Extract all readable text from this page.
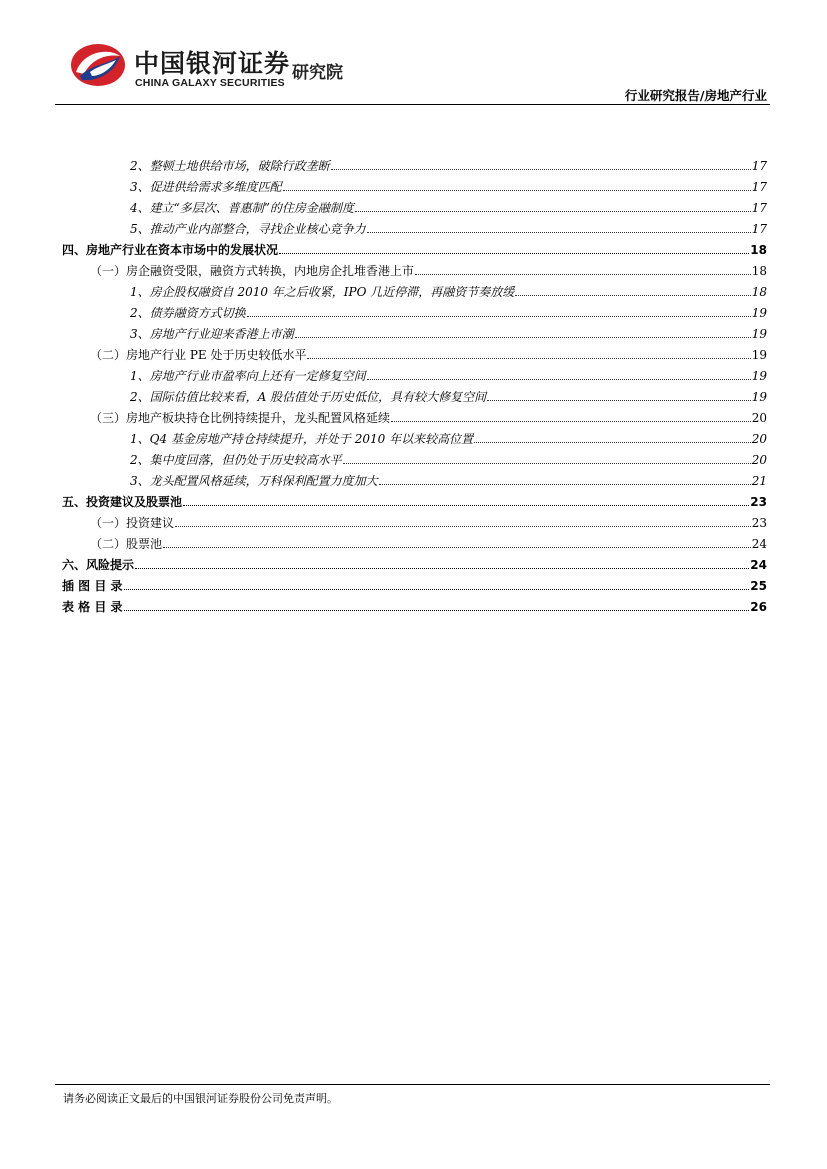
中国银河证券
CHINA GALAXY SECURITIES 研究院
行业研究报告/房地产行业
2、整顿土地供给市场，破除行政垄断	17
3、促进供给需求多维度匹配	17
4、建立“多层次、普惠制”的住房金融制度	17
5、推动产业内部整合，寻找企业核心竞争力	17
四、房地产行业在资本市场中的发展状况	18
（一）房企融资受限，融资方式转换，内地房企扎堆香港上市	18
1、房企股权融资自 2010 年之后收紧，IPO 几近停滞，再融资节奏放缓	18
2、债券融资方式切换	19
3、房地产行业迎来香港上市潮	19
（二）房地产行业 PE 处于历史较低水平	19
1、房地产行业市盈率向上还有一定修复空间	19
2、国际估值比较来看，A 股估值处于历史低位，具有较大修复空间	19
（三）房地产板块持仓比例持续提升，龙头配置风格延续	20
1、Q4 基金房地产持仓持续提升，并处于 2010 年以来较高位置	20
2、集中度回落，但仍处于历史较高水平	20
3、龙头配置风格延续，万科保利配置力度加大	21
五、投资建议及股票池	23
（一）投资建议	23
（二）股票池	24
六、风险提示	24
插 图 目 录	25
表 格 目 录	26
请务必阅读正文最后的中国银河证券股份公司免责声明。
